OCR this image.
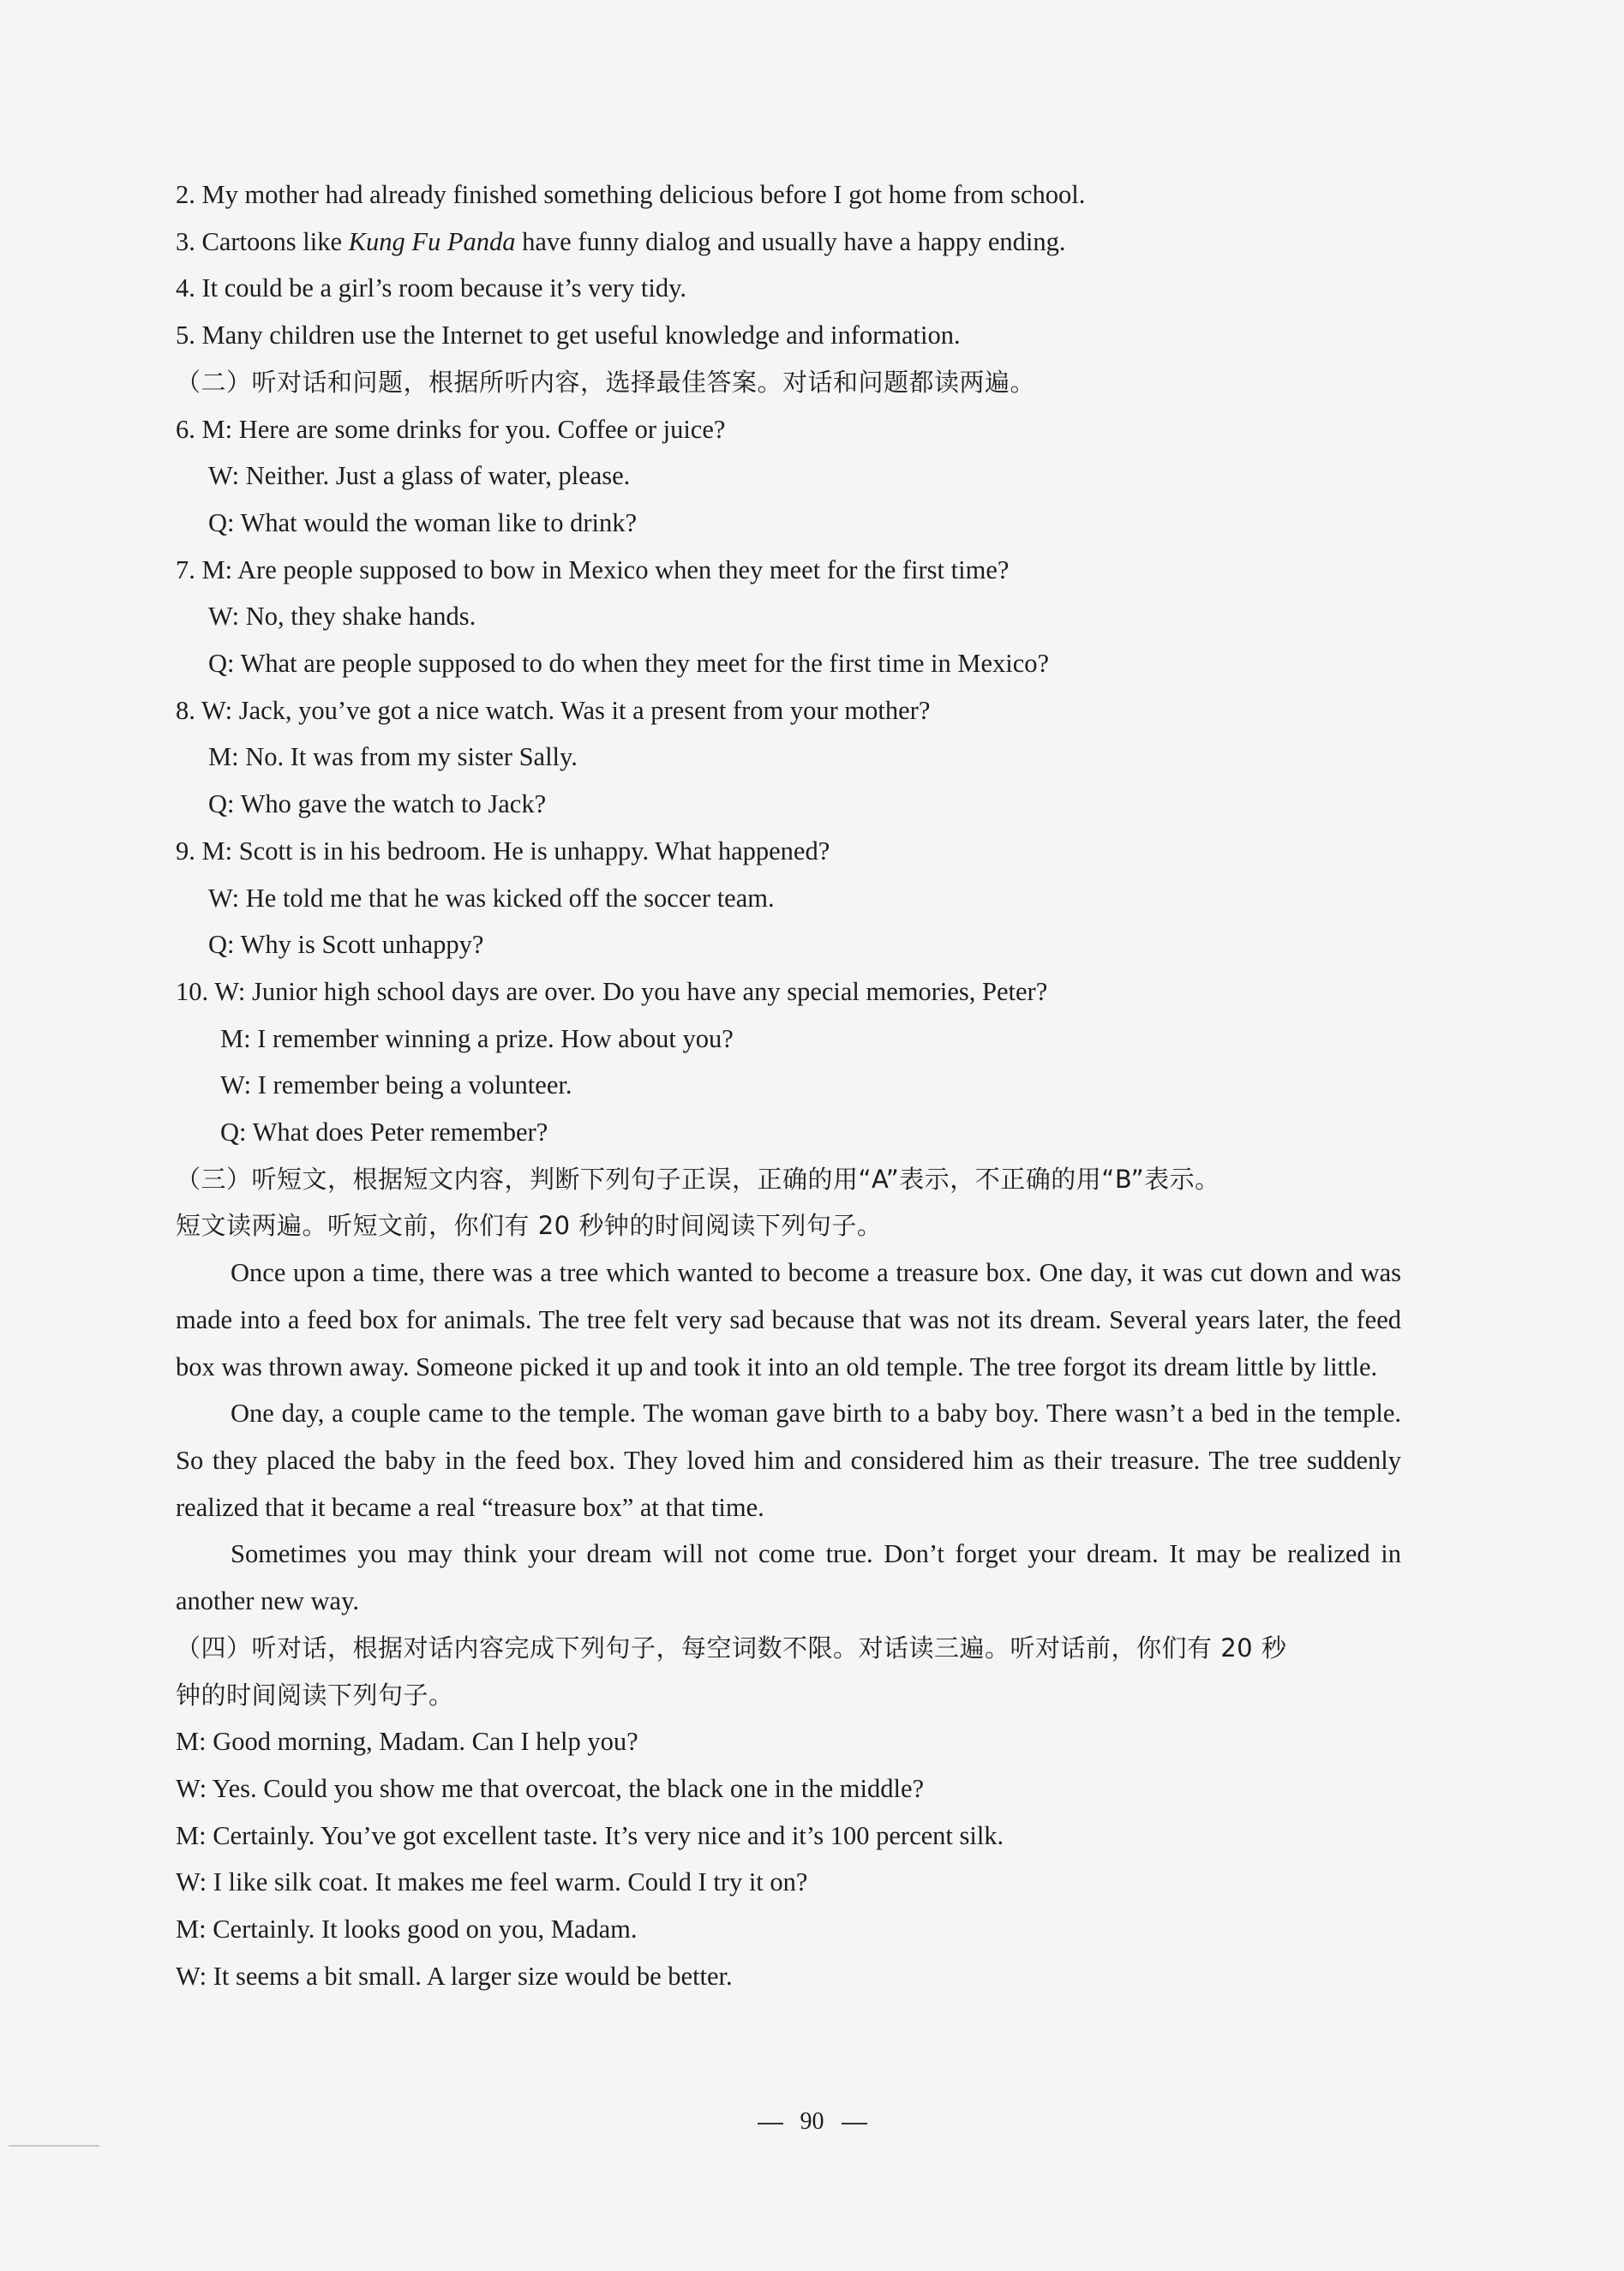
2. My mother had already finished something delicious before I got home from school.
3. Cartoons like Kung Fu Panda have funny dialog and usually have a happy ending.
4. It could be a girl’s room because it’s very tidy.
5. Many children use the Internet to get useful knowledge and information.
（二）听对话和问题，根据所听内容，选择最佳答案。对话和问题都读两遍。
6. M: Here are some drinks for you. Coffee or juice?
W: Neither. Just a glass of water, please.
Q: What would the woman like to drink?
7. M: Are people supposed to bow in Mexico when they meet for the first time?
W: No, they shake hands.
Q: What are people supposed to do when they meet for the first time in Mexico?
8. W: Jack, you’ve got a nice watch. Was it a present from your mother?
M: No. It was from my sister Sally.
Q: Who gave the watch to Jack?
9. M: Scott is in his bedroom. He is unhappy. What happened?
W: He told me that he was kicked off the soccer team.
Q: Why is Scott unhappy?
10. W: Junior high school days are over. Do you have any special memories, Peter?
M: I remember winning a prize. How about you?
W: I remember being a volunteer.
Q: What does Peter remember?
（三）听短文，根据短文内容，判断下列句子正误，正确的用“A”表示，不正确的用“B”表示。
短文读两遍。听短文前，你们有 20 秒钟的时间阅读下列句子。
Once upon a time, there was a tree which wanted to become a treasure box. One day, it was cut down and was made into a feed box for animals. The tree felt very sad because that was not its dream. Several years later, the feed box was thrown away. Someone picked it up and took it into an old temple. The tree forgot its dream little by little.
One day, a couple came to the temple. The woman gave birth to a baby boy. There wasn’t a bed in the temple. So they placed the baby in the feed box. They loved him and considered him as their treasure. The tree suddenly realized that it became a real “treasure box” at that time.
Sometimes you may think your dream will not come true. Don’t forget your dream. It may be realized in another new way.
（四）听对话，根据对话内容完成下列句子，每空词数不限。对话读三遍。听对话前，你们有 20 秒
钟的时间阅读下列句子。
M: Good morning, Madam. Can I help you?
W: Yes. Could you show me that overcoat, the black one in the middle?
M: Certainly. You’ve got excellent taste. It’s very nice and it’s 100 percent silk.
W: I like silk coat. It makes me feel warm. Could I try it on?
M: Certainly. It looks good on you, Madam.
W: It seems a bit small. A larger size would be better.
90
